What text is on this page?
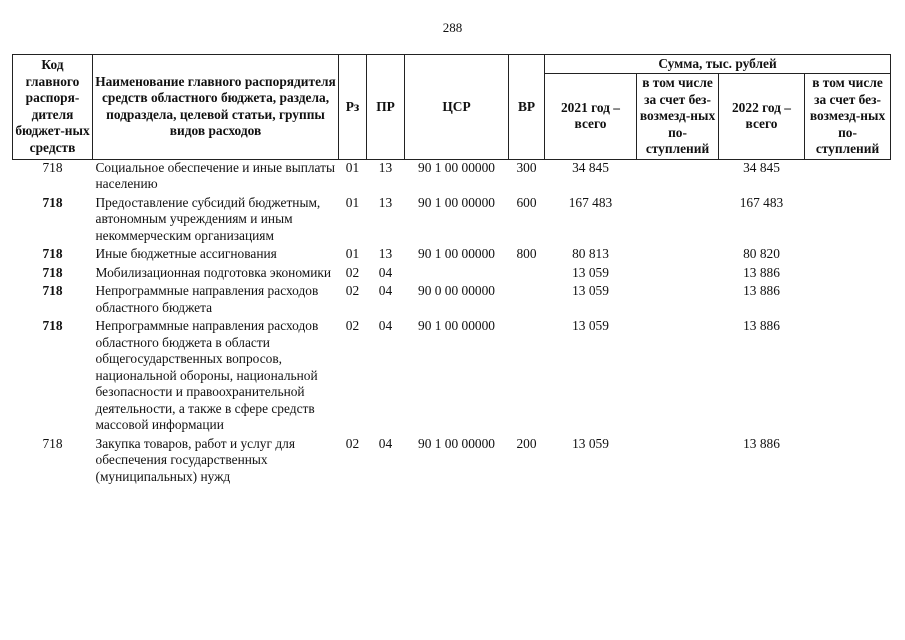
288
Код главного распоря-дителя бюджет-ных средств	Наименование главного распорядителя средств областного бюджета, раздела, подраздела, целевой статьи, группы видов расходов	Рз	ПР	ЦСР	ВР	Сумма, тыс. рублей			
						2021 год – всего	в том числе за счет без-возмезд-ных по-ступлений	2022 год – всего	в том числе за счет без-возмезд-ных по-ступлений
718	Социальное обеспечение и иные выплаты населению	01	13	90 1 00 00000	300	34 845		34 845	
718	Предоставление субсидий бюджетным, автономным учреждениям и иным некоммерческим организациям	01	13	90 1 00 00000	600	167 483		167 483	
718	Иные бюджетные ассигнования	01	13	90 1 00 00000	800	80 813		80 820	
718	Мобилизационная подготовка экономики	02	04			13 059		13 886	
718	Непрограммные направления расходов областного бюджета	02	04	90 0 00 00000		13 059		13 886	
718	Непрограммные направления расходов областного бюджета в области общегосударственных вопросов, национальной обороны, национальной безопасности и правоохранительной деятельности, а также в сфере средств массовой информации	02	04	90 1 00 00000		13 059		13 886	
718	Закупка товаров, работ и услуг для обеспечения государственных (муниципальных) нужд	02	04	90 1 00 00000	200	13 059		13 886	
